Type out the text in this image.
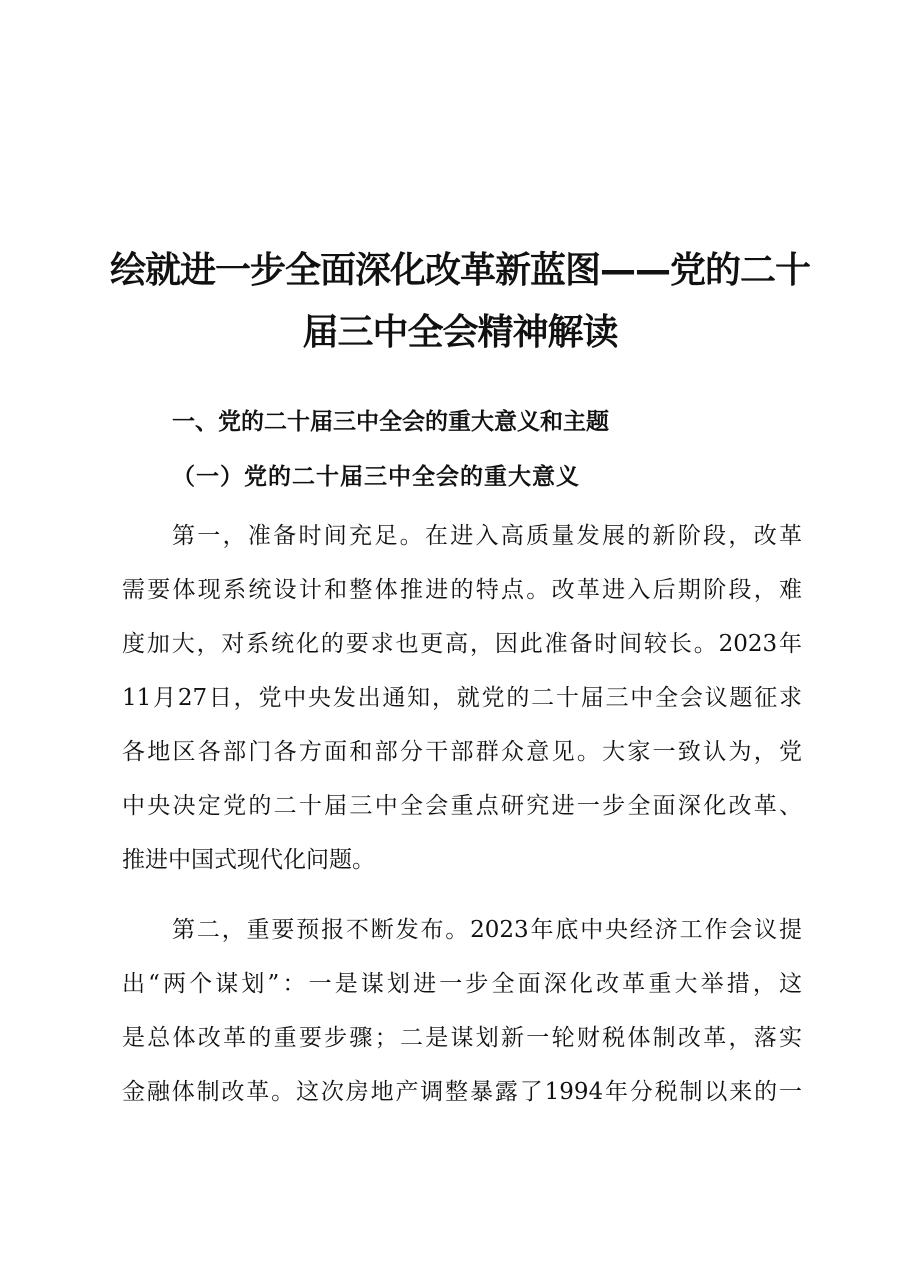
绘就进一步全面深化改革新蓝图——党的二十
届三中全会精神解读
一、党的二十届三中全会的重大意义和主题
（一）党的二十届三中全会的重大意义
第一，准备时间充足。在进入高质量发展的新阶段，改革
需要体现系统设计和整体推进的特点。改革进入后期阶段，难
度加大，对系统化的要求也更高，因此准备时间较长。2023年
11月27日，党中央发出通知，就党的二十届三中全会议题征求
各地区各部门各方面和部分干部群众意见。大家一致认为，党
中央决定党的二十届三中全会重点研究进一步全面深化改革、
推进中国式现代化问题。
第二，重要预报不断发布。2023年底中央经济工作会议提
出“两个谋划”：一是谋划进一步全面深化改革重大举措，这
是总体改革的重要步骤；二是谋划新一轮财税体制改革，落实
金融体制改革。这次房地产调整暴露了1994年分税制以来的一
